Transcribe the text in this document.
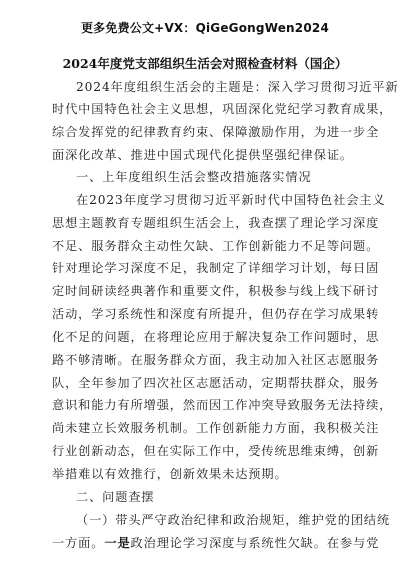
更多免费公文+VX：QiGeGongWen2024
2024年度党支部组织生活会对照检查材料（国企）
2024年度组织生活会的主题是：深入学习贯彻习近平新
时代中国特色社会主义思想，巩固深化党纪学习教育成果，
综合发挥党的纪律教育约束、保障激励作用，为进一步全
面深化改革、推进中国式现代化提供坚强纪律保证。
一、上年度组织生活会整改措施落实情况
在2023年度学习贯彻习近平新时代中国特色社会主义
思想主题教育专题组织生活会上，我查摆了理论学习深度
不足、服务群众主动性欠缺、工作创新能力不足等问题。
针对理论学习深度不足，我制定了详细学习计划，每日固
定时间研读经典著作和重要文件，积极参与线上线下研讨
活动，学习系统性和深度有所提升，但仍存在学习成果转
化不足的问题，在将理论应用于解决复杂工作问题时，思
路不够清晰。在服务群众方面，我主动加入社区志愿服务
队，全年参加了四次社区志愿活动，定期帮扶群众，服务
意识和能力有所增强，然而因工作冲突导致服务无法持续，
尚未建立长效服务机制。工作创新能力方面，我积极关注
行业创新动态，但在实际工作中，受传统思维束缚，创新
举措难以有效推行，创新效果未达预期。
二、问题查摆
（一）带头严守政治纪律和政治规矩，维护党的团结统
一方面。一是政治理论学习深度与系统性欠缺。在参与党
